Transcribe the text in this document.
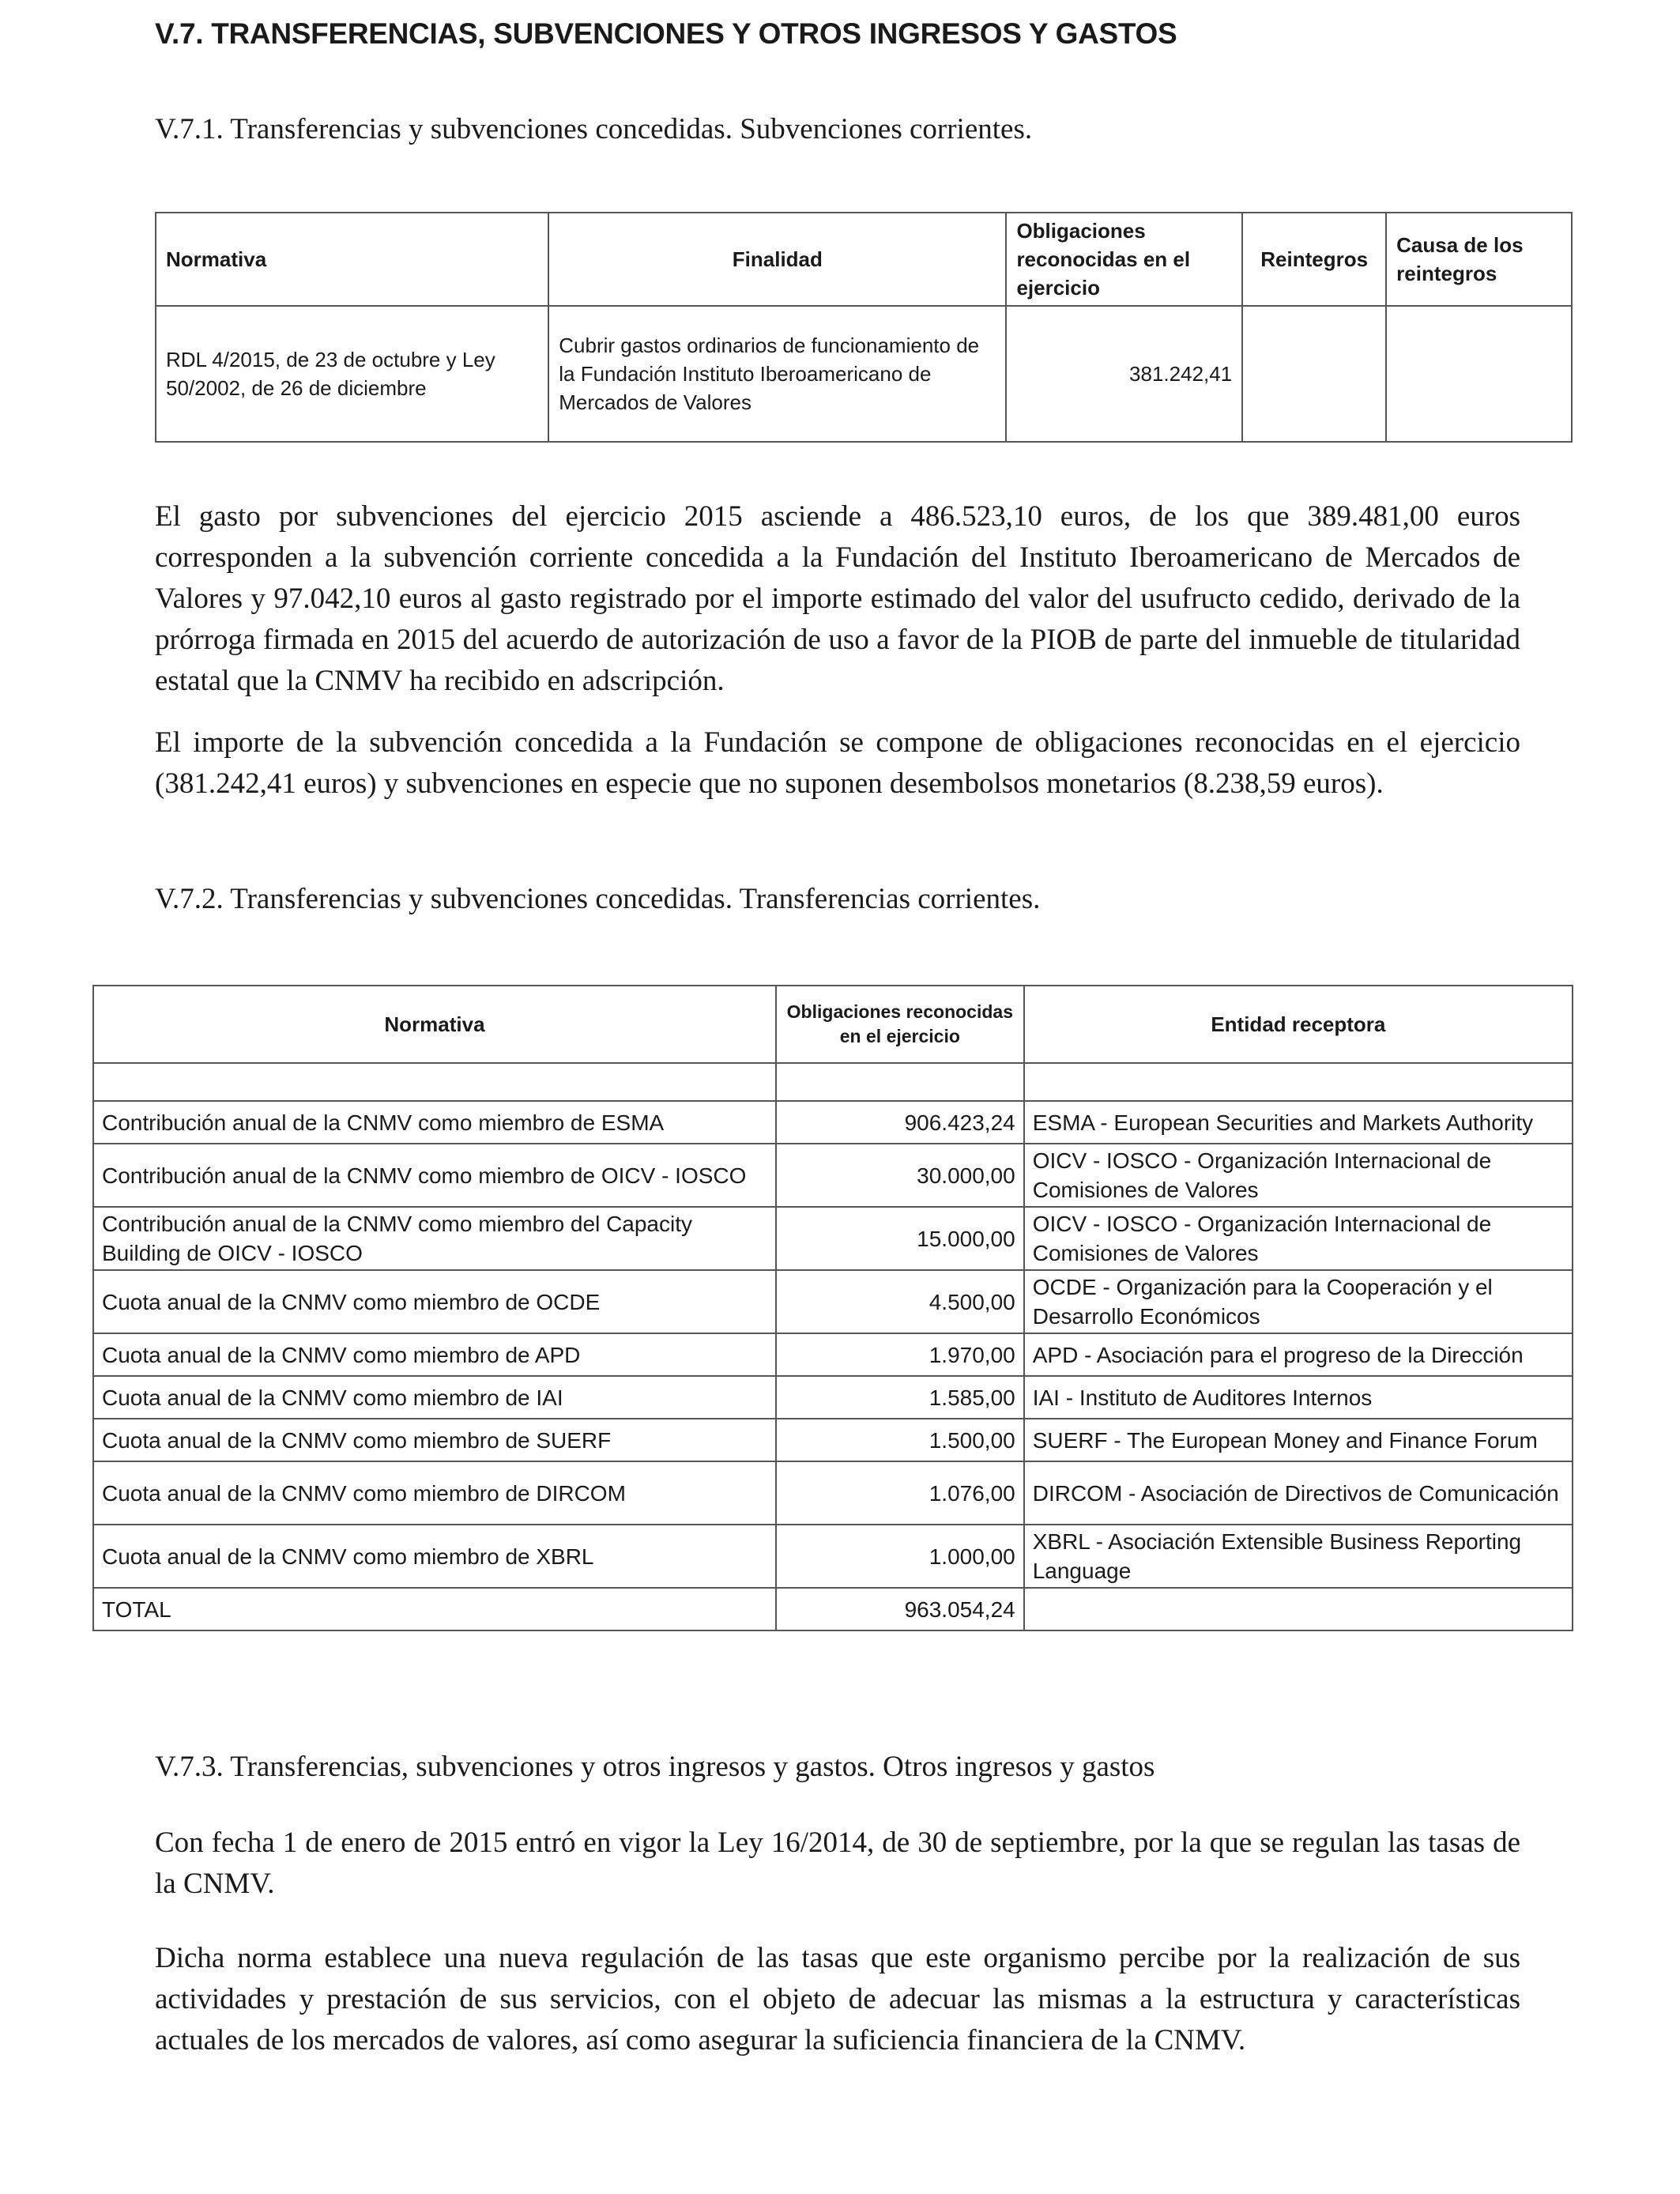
V.7. TRANSFERENCIAS, SUBVENCIONES Y OTROS INGRESOS Y GASTOS
V.7.1. Transferencias y subvenciones concedidas. Subvenciones corrientes.
Normativa	Finalidad	Obligaciones reconocidas en el ejercicio	Reintegros	Causa de los reintegros
RDL 4/2015, de 23 de octubre y Ley 50/2002, de 26 de diciembre	Cubrir gastos ordinarios de funcionamiento de la Fundación Instituto Iberoamericano de Mercados de Valores	381.242,41		
El gasto por subvenciones del ejercicio 2015 asciende a 486.523,10 euros, de los que 389.481,00 euros corresponden a la subvención corriente concedida a la Fundación del Instituto Iberoamericano de Mercados de Valores y 97.042,10 euros al gasto registrado por el importe estimado del valor del usufructo cedido, derivado de la prórroga firmada en 2015 del acuerdo de autorización de uso a favor de la PIOB de parte del inmueble de titularidad estatal que la CNMV ha recibido en adscripción.
El importe de la subvención concedida a la Fundación se compone de obligaciones reconocidas en el ejercicio (381.242,41 euros) y subvenciones en especie que no suponen desembolsos monetarios (8.238,59 euros).
V.7.2. Transferencias y subvenciones concedidas. Transferencias corrientes.
Normativa	Obligaciones reconocidas en el ejercicio	Entidad receptora

Contribución anual de la CNMV como miembro de ESMA	906.423,24	ESMA - European Securities and Markets Authority
Contribución anual de la CNMV como miembro de OICV - IOSCO	30.000,00	OICV - IOSCO - Organización Internacional de Comisiones de Valores
Contribución anual de la CNMV como miembro del Capacity Building de OICV - IOSCO	15.000,00	OICV - IOSCO - Organización Internacional de Comisiones de Valores
Cuota anual de la CNMV como miembro de OCDE	4.500,00	OCDE - Organización para la Cooperación y el Desarrollo Económicos
Cuota anual de la CNMV como miembro de APD	1.970,00	APD - Asociación para el progreso de la Dirección
Cuota anual de la CNMV como miembro de IAI	1.585,00	IAI - Instituto de Auditores Internos
Cuota anual de la CNMV como miembro de SUERF	1.500,00	SUERF - The European Money and Finance Forum
Cuota anual de la CNMV como miembro de DIRCOM	1.076,00	DIRCOM - Asociación de Directivos de Comunicación
Cuota anual de la CNMV como miembro de XBRL	1.000,00	XBRL - Asociación Extensible Business Reporting Language
TOTAL	963.054,24	
V.7.3. Transferencias, subvenciones y otros ingresos y gastos. Otros ingresos y gastos
Con fecha 1 de enero de 2015 entró en vigor la Ley 16/2014, de 30 de septiembre, por la que se regulan las tasas de la CNMV.
Dicha norma establece una nueva regulación de las tasas que este organismo percibe por la realización de sus actividades y prestación de sus servicios, con el objeto de adecuar las mismas a la estructura y características actuales de los mercados de valores, así como asegurar la suficiencia financiera de la CNMV.
